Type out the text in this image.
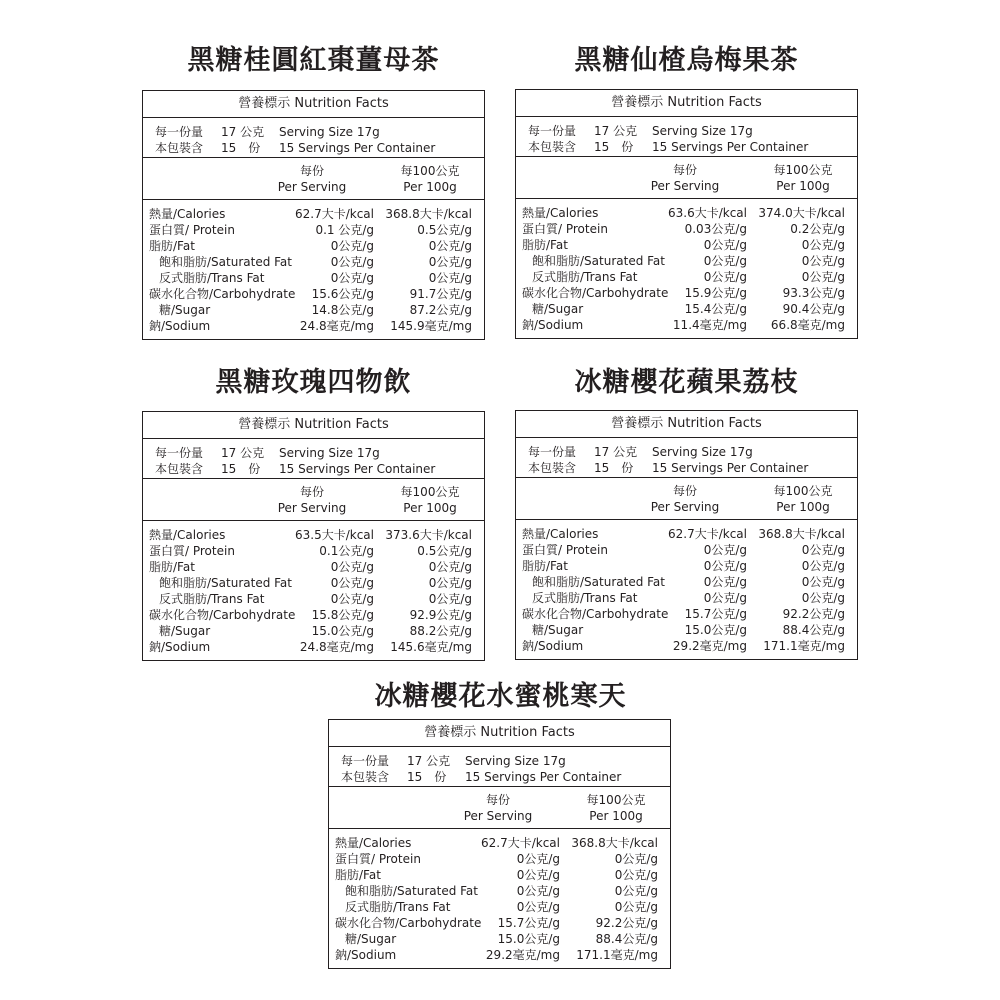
黑糖桂圓紅棗薑母茶
營養標示 Nutrition Facts
每一份量	17 公克	Serving Size 17g
本包裝含	15　份	15 Servings Per Container
每份
Per Serving
每100公克
Per 100g
熱量/Calories	62.7大卡/kcal 368.8大卡/kcal
蛋白質/ Protein	0.1 公克/g	0.5公克/g
脂肪/Fat	0公克/g	0公克/g
飽和脂肪/Saturated Fat	0公克/g	0公克/g
反式脂肪/Trans Fat	0公克/g	0公克/g
碳水化合物/Carbohydrate 15.6公克/g	91.7公克/g
糖/Sugar	14.8公克/g	87.2公克/g
鈉/Sodium	24.8毫克/mg 145.9毫克/mg
黑糖仙楂烏梅果茶
營養標示 Nutrition Facts
每一份量	17 公克	Serving Size 17g
本包裝含	15　份	15 Servings Per Container
每份
Per Serving
每100公克
Per 100g
熱量/Calories	63.6大卡/kcal 374.0大卡/kcal
蛋白質/ Protein	0.03公克/g	0.2公克/g
脂肪/Fat	0公克/g	0公克/g
飽和脂肪/Saturated Fat	0公克/g	0公克/g
反式脂肪/Trans Fat	0公克/g	0公克/g
碳水化合物/Carbohydrate 15.9公克/g	93.3公克/g
糖/Sugar	15.4公克/g	90.4公克/g
鈉/Sodium	11.4毫克/mg 66.8毫克/mg
黑糖玫瑰四物飲
營養標示 Nutrition Facts
每一份量	17 公克	Serving Size 17g
本包裝含	15　份	15 Servings Per Container
每份
Per Serving
每100公克
Per 100g
熱量/Calories	63.5大卡/kcal 373.6大卡/kcal
蛋白質/ Protein	0.1公克/g	0.5公克/g
脂肪/Fat	0公克/g	0公克/g
飽和脂肪/Saturated Fat	0公克/g	0公克/g
反式脂肪/Trans Fat	0公克/g	0公克/g
碳水化合物/Carbohydrate 15.8公克/g	92.9公克/g
糖/Sugar	15.0公克/g	88.2公克/g
鈉/Sodium	24.8毫克/mg 145.6毫克/mg
冰糖櫻花蘋果荔枝
營養標示 Nutrition Facts
每一份量	17 公克	Serving Size 17g
本包裝含	15　份	15 Servings Per Container
每份
Per Serving
每100公克
Per 100g
熱量/Calories	62.7大卡/kcal 368.8大卡/kcal
蛋白質/ Protein	0公克/g	0公克/g
脂肪/Fat	0公克/g	0公克/g
飽和脂肪/Saturated Fat	0公克/g	0公克/g
反式脂肪/Trans Fat	0公克/g	0公克/g
碳水化合物/Carbohydrate 15.7公克/g	92.2公克/g
糖/Sugar	15.0公克/g	88.4公克/g
鈉/Sodium	29.2毫克/mg 171.1毫克/mg
冰糖櫻花水蜜桃寒天
營養標示 Nutrition Facts
每一份量	17 公克	Serving Size 17g
本包裝含	15　份	15 Servings Per Container
每份
Per Serving
每100公克
Per 100g
熱量/Calories	62.7大卡/kcal 368.8大卡/kcal
蛋白質/ Protein	0公克/g	0公克/g
脂肪/Fat	0公克/g	0公克/g
飽和脂肪/Saturated Fat	0公克/g	0公克/g
反式脂肪/Trans Fat	0公克/g	0公克/g
碳水化合物/Carbohydrate 15.7公克/g	92.2公克/g
糖/Sugar	15.0公克/g	88.4公克/g
鈉/Sodium	29.2毫克/mg 171.1毫克/mg
